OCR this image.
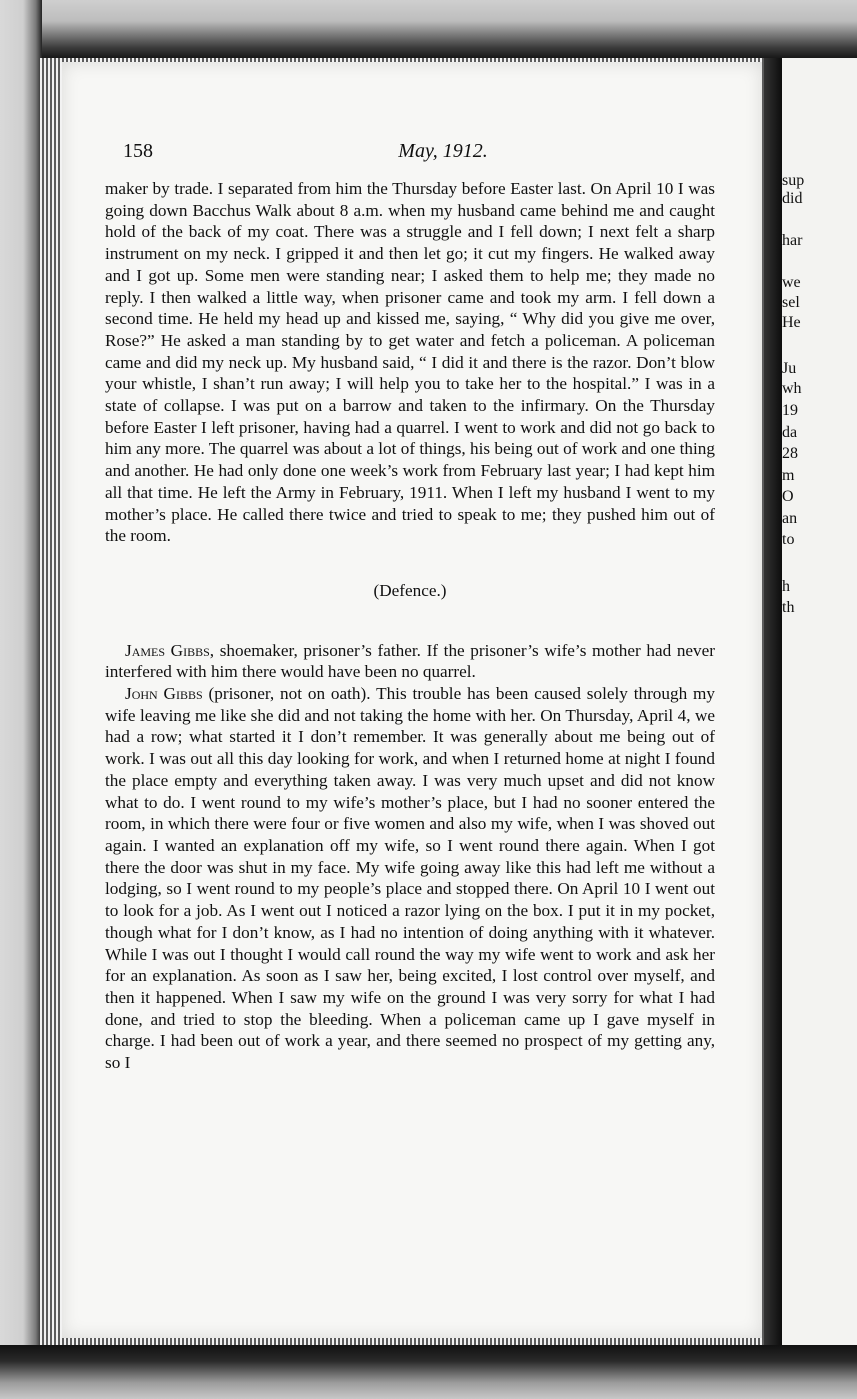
sup
did
har
we
sel
He
Ju
wh
19
da
28
m
O
an
to
h
th
158	May, 1912.

maker by trade. I separated from him the Thursday before Easter last. On April 10 I was going down Bacchus Walk about 8 a.m. when my husband came behind me and caught hold of the back of my coat. There was a struggle and I fell down; I next felt a sharp instrument on my neck. I gripped it and then let go; it cut my fingers. He walked away and I got up. Some men were standing near; I asked them to help me; they made no reply. I then walked a little way, when prisoner came and took my arm. I fell down a second time. He held my head up and kissed me, saying, “ Why did you give me over, Rose?” He asked a man standing by to get water and fetch a policeman. A policeman came and did my neck up. My husband said, “ I did it and there is the razor. Don’t blow your whistle, I shan’t run away; I will help you to take her to the hospital.” I was in a state of collapse. I was put on a barrow and taken to the infirmary. On the Thursday before Easter I left prisoner, having had a quarrel. I went to work and did not go back to him any more. The quarrel was about a lot of things, his being out of work and one thing and another. He had only done one week’s work from February last year; I had kept him all that time. He left the Army in February, 1911. When I left my husband I went to my mother’s place. He called there twice and tried to speak to me; they pushed him out of the room.

(Defence.)

James Gibbs, shoemaker, prisoner’s father. If the prisoner’s wife’s mother had never interfered with him there would have been no quarrel.

John Gibbs (prisoner, not on oath). This trouble has been caused solely through my wife leaving me like she did and not taking the home with her. On Thursday, April 4, we had a row; what started it I don’t remember. It was generally about me being out of work. I was out all this day looking for work, and when I returned home at night I found the place empty and everything taken away. I was very much upset and did not know what to do. I went round to my wife’s mother’s place, but I had no sooner entered the room, in which there were four or five women and also my wife, when I was shoved out again. I wanted an explanation off my wife, so I went round there again. When I got there the door was shut in my face. My wife going away like this had left me without a lodging, so I went round to my people’s place and stopped there. On April 10 I went out to look for a job. As I went out I noticed a razor lying on the box. I put it in my pocket, though what for I don’t know, as I had no intention of doing anything with it whatever. While I was out I thought I would call round the way my wife went to work and ask her for an explanation. As soon as I saw her, being excited, I lost control over myself, and then it happened. When I saw my wife on the ground I was very sorry for what I had done, and tried to stop the bleeding. When a policeman came up I gave myself in charge. I had been out of work a year, and there seemed no prospect of my getting any, so I
